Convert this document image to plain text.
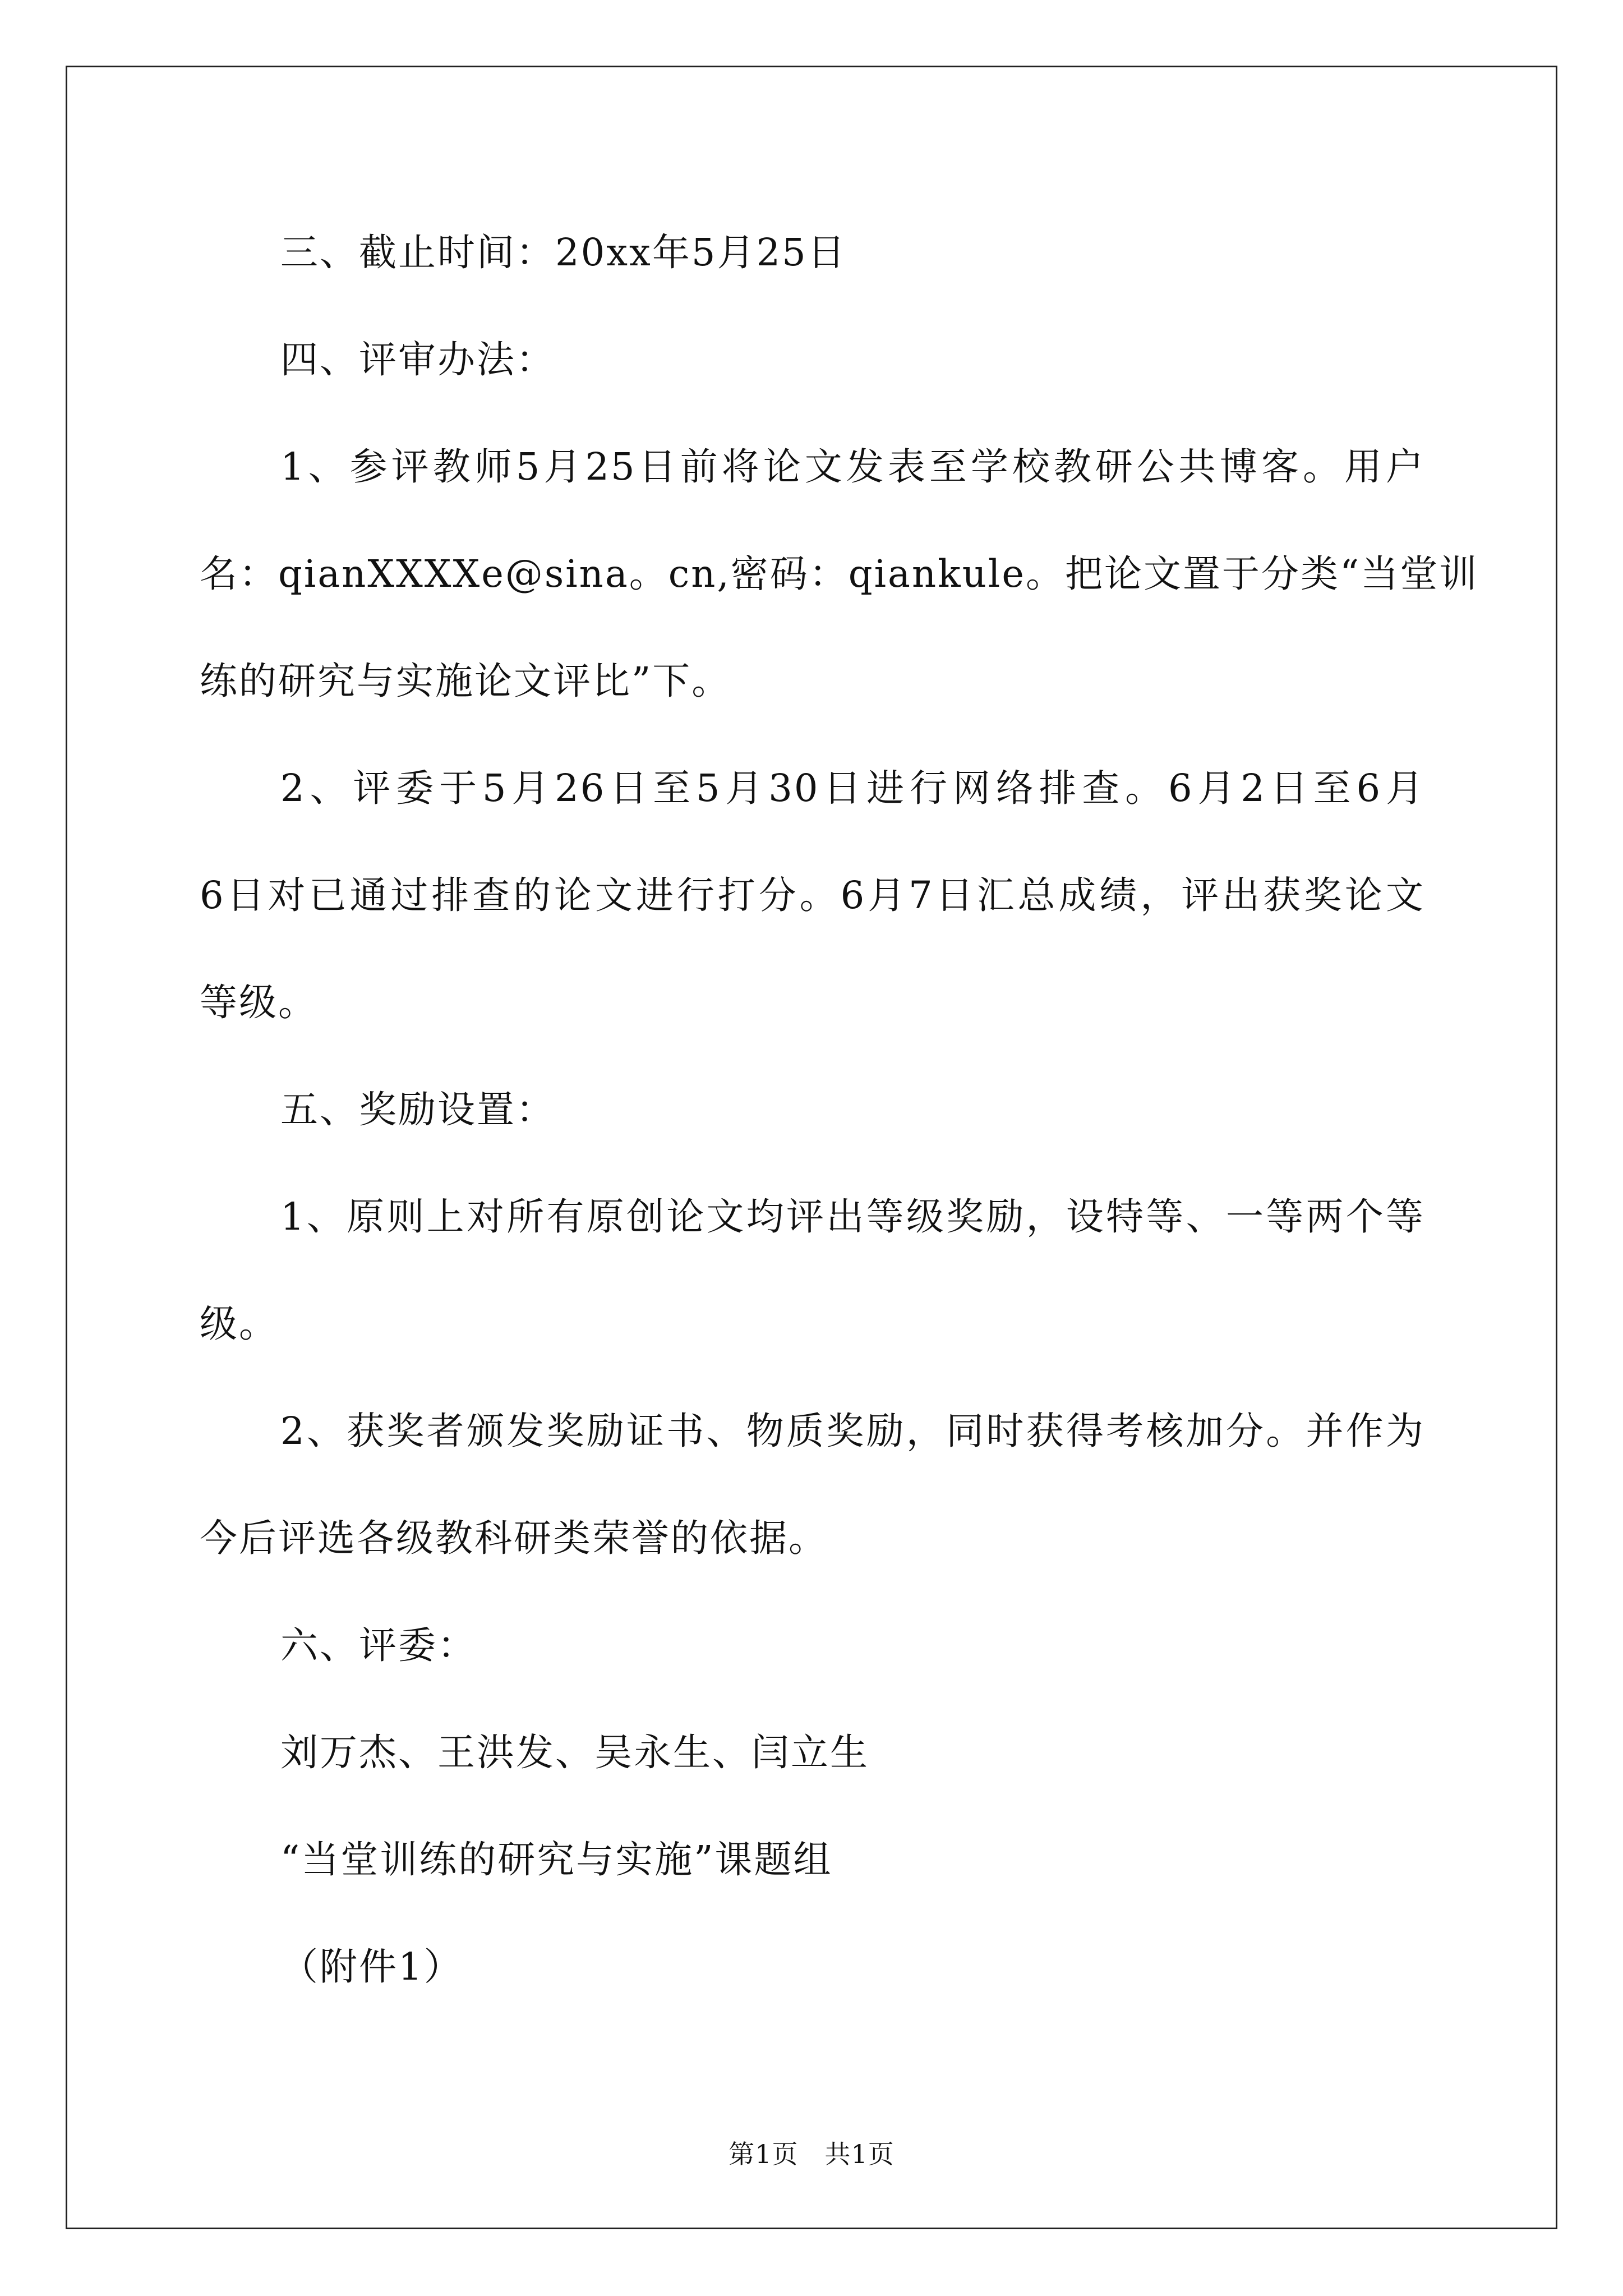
三、截止时间：20xx年5月25日
四、评审办法：
1、参评教师5月25日前将论文发表至学校教研公共博客。用户
名：qianXXXXe@sina。cn,密码：qiankule。把论文置于分类“当堂训
练的研究与实施论文评比”下。
2、评委于5月26日至5月30日进行网络排查。6月2日至6月
6日对已通过排查的论文进行打分。6月7日汇总成绩，评出获奖论文
等级。
五、奖励设置：
1、原则上对所有原创论文均评出等级奖励，设特等、一等两个等
级。
2、获奖者颁发奖励证书、物质奖励，同时获得考核加分。并作为
今后评选各级教科研类荣誉的依据。
六、评委：
刘万杰、王洪发、吴永生、闫立生
“当堂训练的研究与实施”课题组
（附件1）
第1页　共1页
